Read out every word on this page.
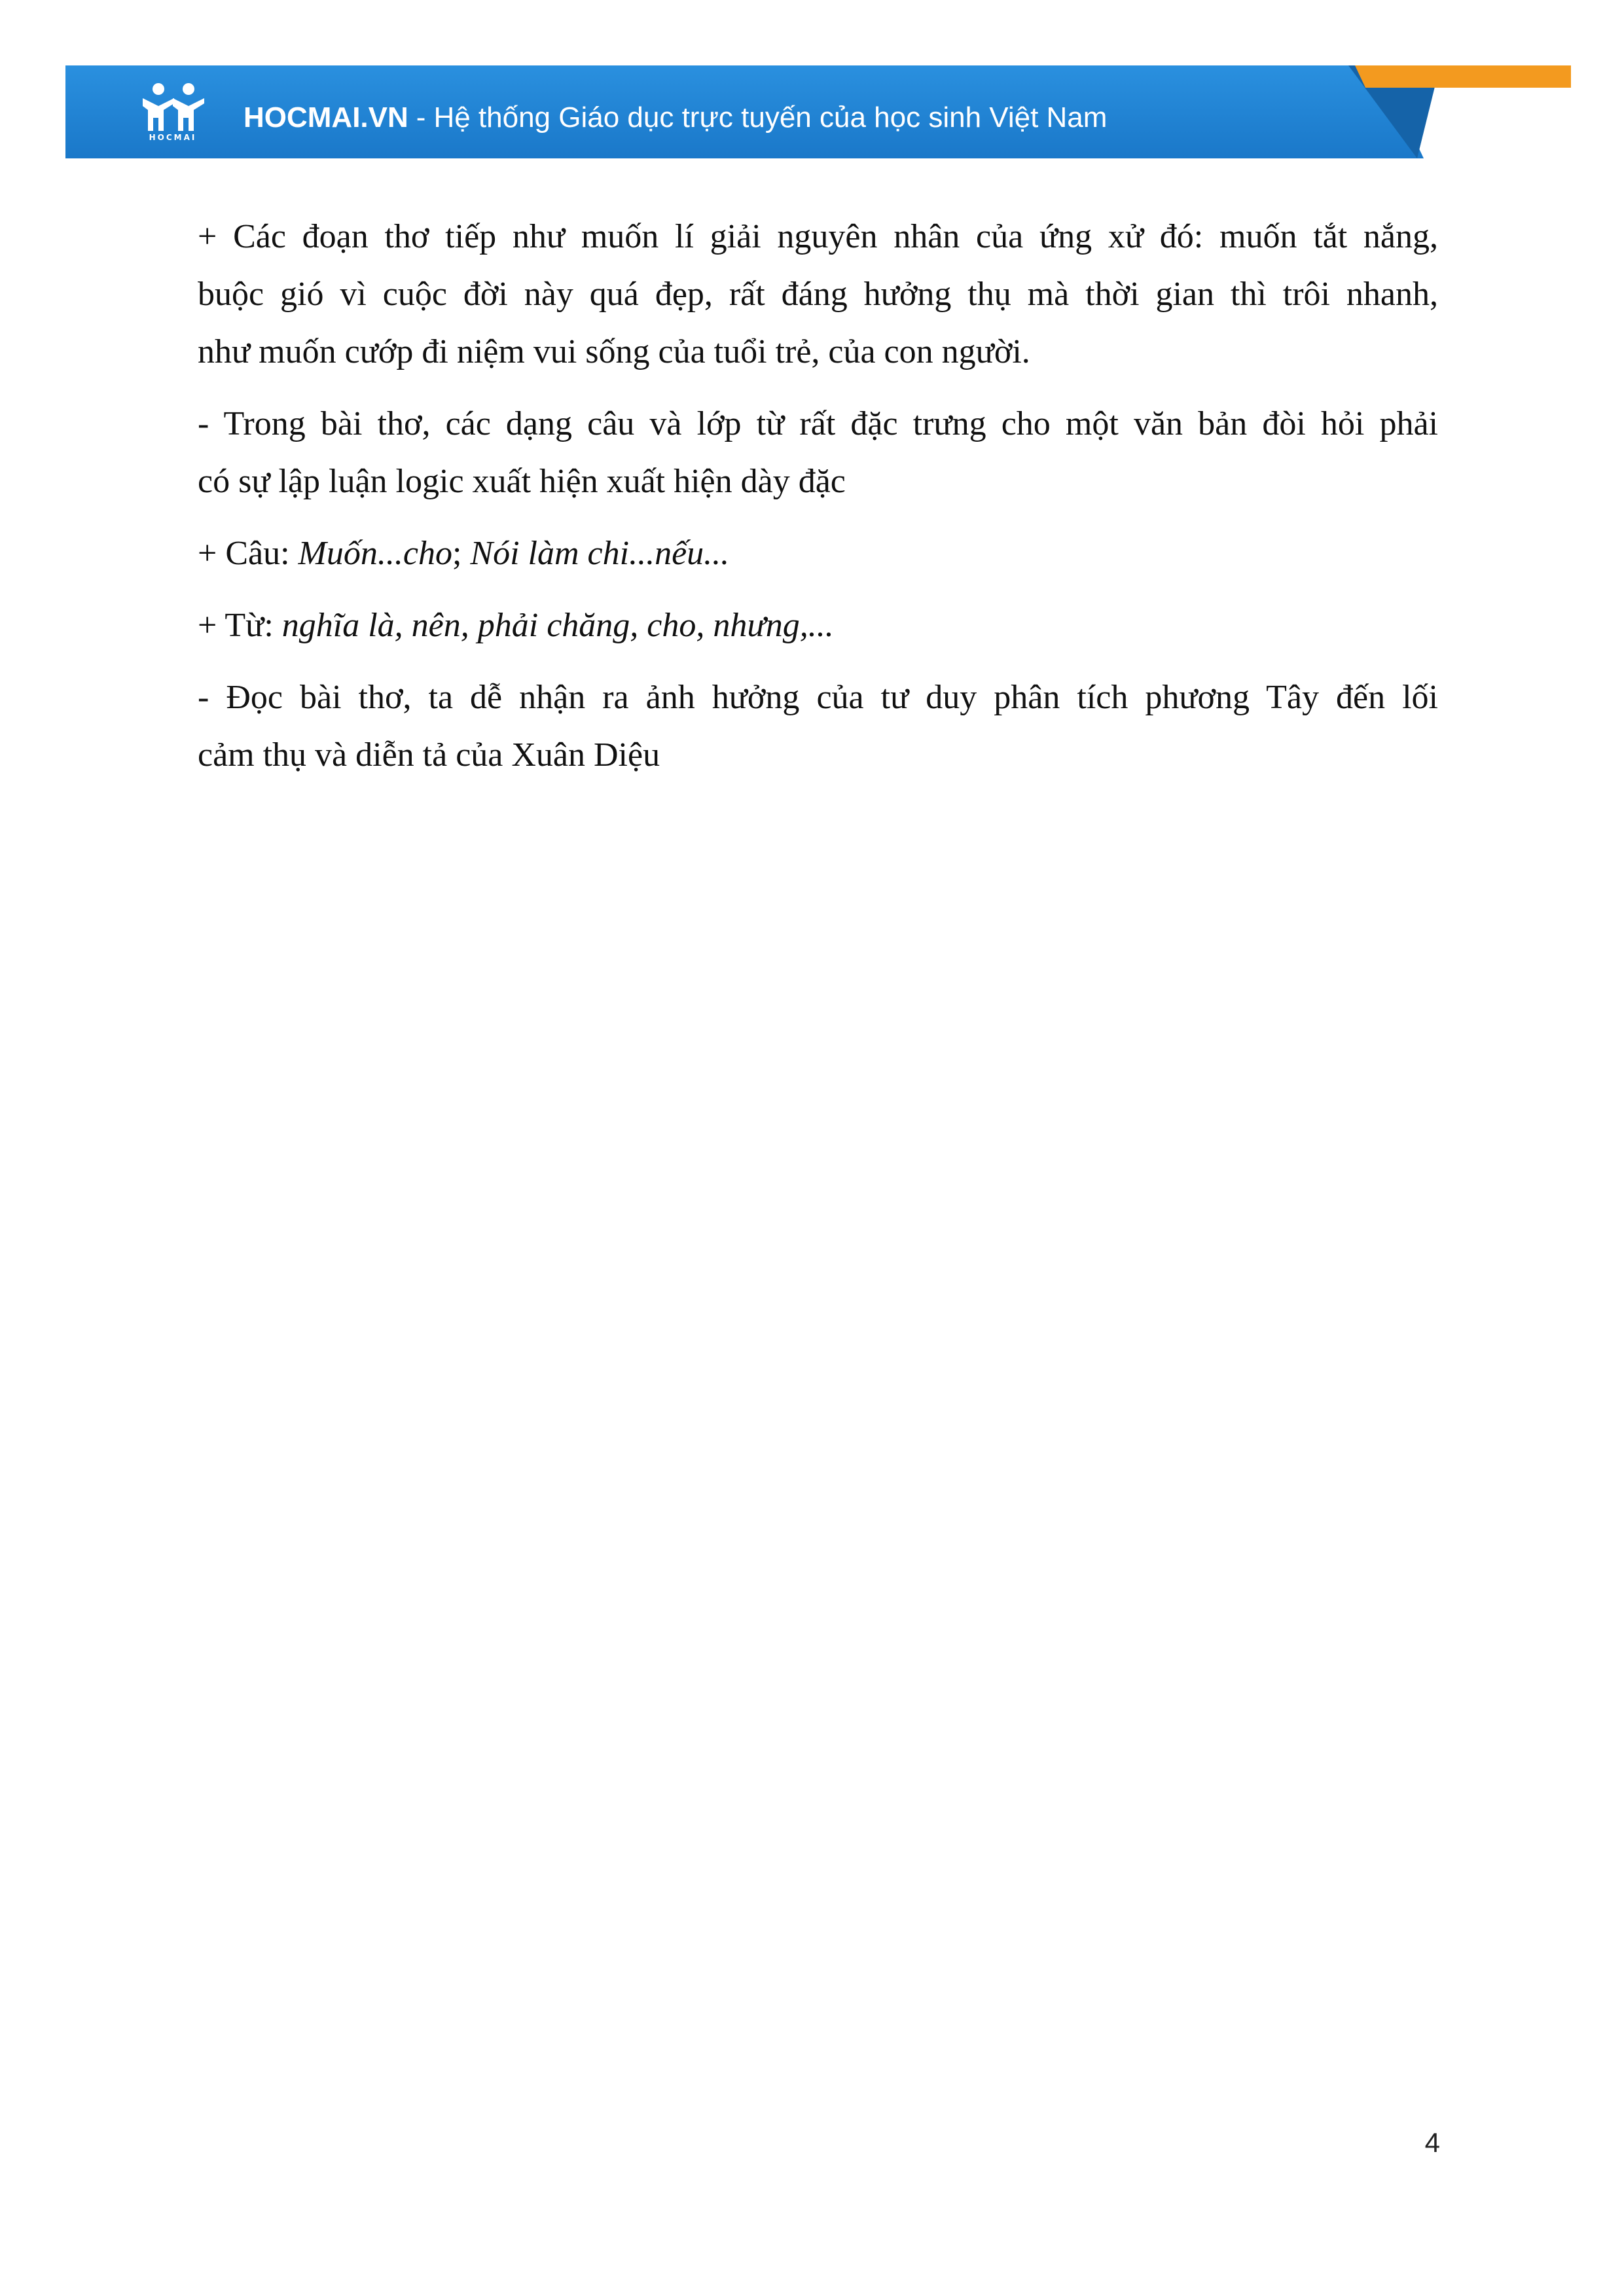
HOCMAI
HOCMAI.VN - Hệ thống Giáo dục trực tuyến của học sinh Việt Nam

+ Các đoạn thơ tiếp như muốn lí giải nguyên nhân của ứng xử đó: muốn tắt nắng,
buộc gió vì cuộc đời này quá đẹp, rất đáng hưởng thụ mà thời gian thì trôi nhanh,
như muốn cướp đi niệm vui sống của tuổi trẻ, của con người.

- Trong bài thơ, các dạng câu và lớp từ rất đặc trưng cho một văn bản đòi hỏi phải
có sự lập luận logic xuất hiện xuất hiện dày đặc

+ Câu: Muốn...cho; Nói làm chi...nếu...

+ Từ: nghĩa là, nên, phải chăng, cho, nhưng,...

- Đọc bài thơ, ta dễ nhận ra ảnh hưởng của tư duy phân tích phương Tây đến lối
cảm thụ và diễn tả của Xuân Diệu

4
